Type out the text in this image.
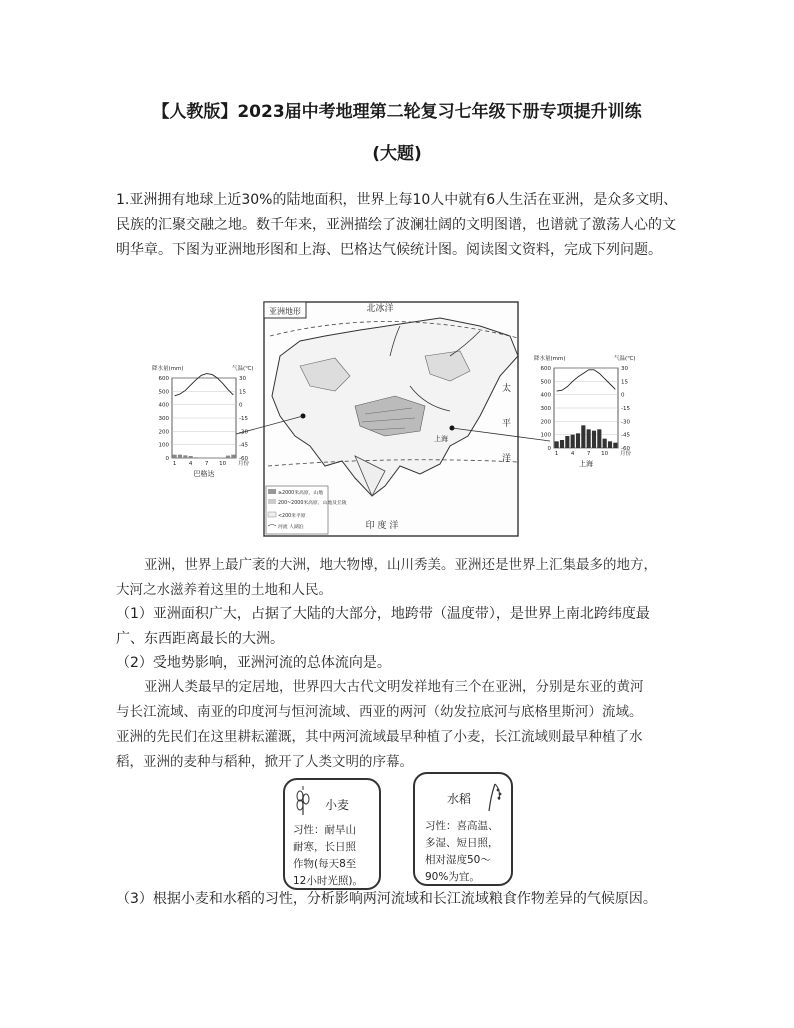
【人教版】2023届中考地理第二轮复习七年级下册专项提升训练
(大题)
1.亚洲拥有地球上近30%的陆地面积，世界上每10人中就有6人生活在亚洲，是众多文明、民族的汇聚交融之地。数千年来，亚洲描绘了波澜壮阔的文明图谱，也谱就了激荡人心的文明华章。下图为亚洲地形图和上海、巴格达气候统计图。阅读图文资料，完成下列问题。
亚洲地形	北冰洋
太
平
洋
印 度 洋
上海
≥2000米高原、山地
200~2000米高原、山地及丘陵
<200米平原
河流 人湖泊
降水量(mm)	气温(℃)
600
500
400
300
200
100
0
30
15
0
-15
-30
-45
-60
1 4 7 10 月份
巴格达
降水量(mm)	气温(℃)
600
500
400
300
200
100
0
30
15
0
-15
-30
-45
-60
1 4 7 10 月份
上海
亚洲，世界上最广袤的大洲，地大物博，山川秀美。亚洲还是世界上汇集最多的地方，
大河之水滋养着这里的土地和人民。
（1）亚洲面积广大，占据了大陆的大部分，地跨带（温度带），是世界上南北跨纬度最广、东西距离最长的大洲。
（2）受地势影响，亚洲河流的总体流向是。
亚洲人类最早的定居地，世界四大古代文明发祥地有三个在亚洲，分别是东亚的黄河
与长江流域、南亚的印度河与恒河流域、西亚的两河（幼发拉底河与底格里斯河）流域。
亚洲的先民们在这里耕耘灌溉，其中两河流域最早种植了小麦，长江流域则最早种植了水
稻，亚洲的麦种与稻种，掀开了人类文明的序幕。
小麦
习性：耐旱山
耐寒，长日照
作物(每天8至
12小时光照)。
水稻
习性：喜高温、
多湿、短日照，
相对湿度50～
90%为宜。
（3）根据小麦和水稻的习性，分析影响两河流域和长江流域粮食作物差异的气候原因。
